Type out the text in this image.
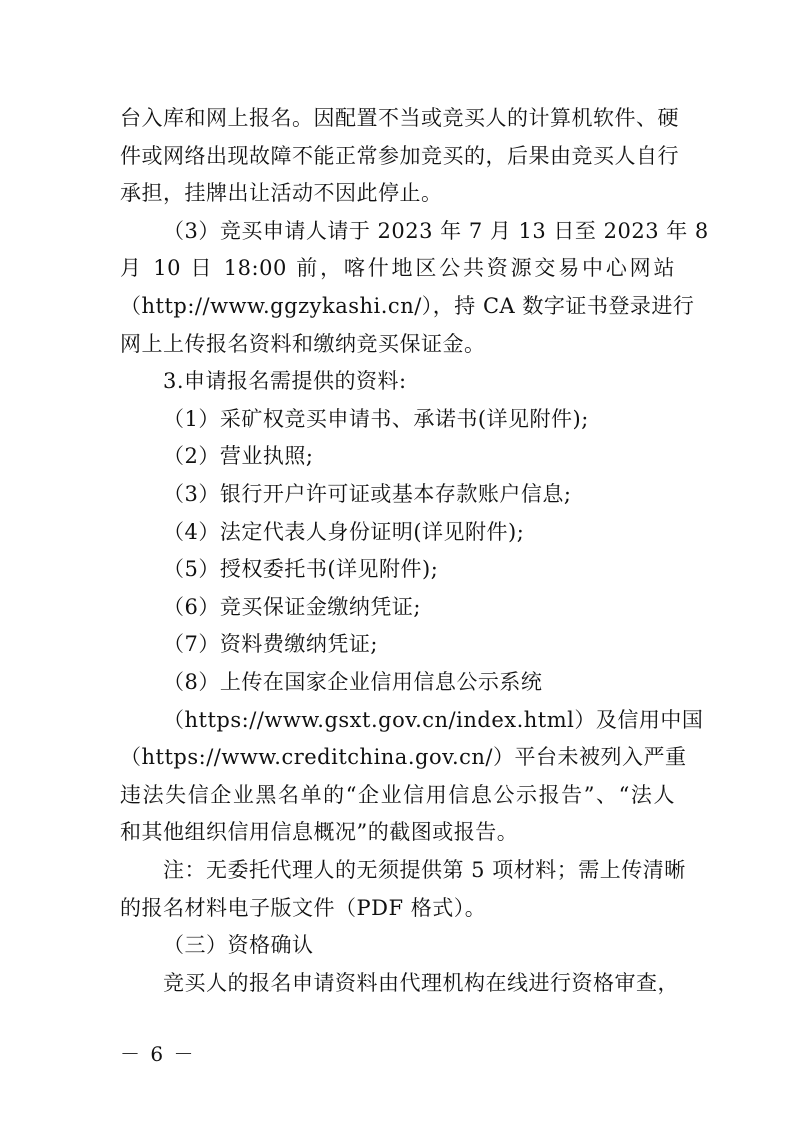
台入库和网上报名。因配置不当或竞买人的计算机软件、硬
件或网络出现故障不能正常参加竞买的，后果由竞买人自行
承担，挂牌出让活动不因此停止。
（3）竞买申请人请于 2023 年 7 月 13 日至 2023 年 8
月 10 日 18:00 前，喀什地区公共资源交易中心网站
（http://www.ggzykashi.cn/），持 CA 数字证书登录进行
网上上传报名资料和缴纳竞买保证金。
3.申请报名需提供的资料:
（1）采矿权竞买申请书、承诺书(详见附件);
（2）营业执照;
（3）银行开户许可证或基本存款账户信息;
（4）法定代表人身份证明(详见附件);
（5）授权委托书(详见附件);
（6）竞买保证金缴纳凭证;
（7）资料费缴纳凭证;
（8）上传在国家企业信用信息公示系统
（https://www.gsxt.gov.cn/index.html）及信用中国
（https://www.creditchina.gov.cn/）平台未被列入严重
违法失信企业黑名单的“企业信用信息公示报告”、“法人
和其他组织信用信息概况”的截图或报告。
注：无委托代理人的无须提供第 5 项材料；需上传清晰
的报名材料电子版文件（PDF 格式）。
（三）资格确认
竞买人的报名申请资料由代理机构在线进行资格审查，
－ 6 －
